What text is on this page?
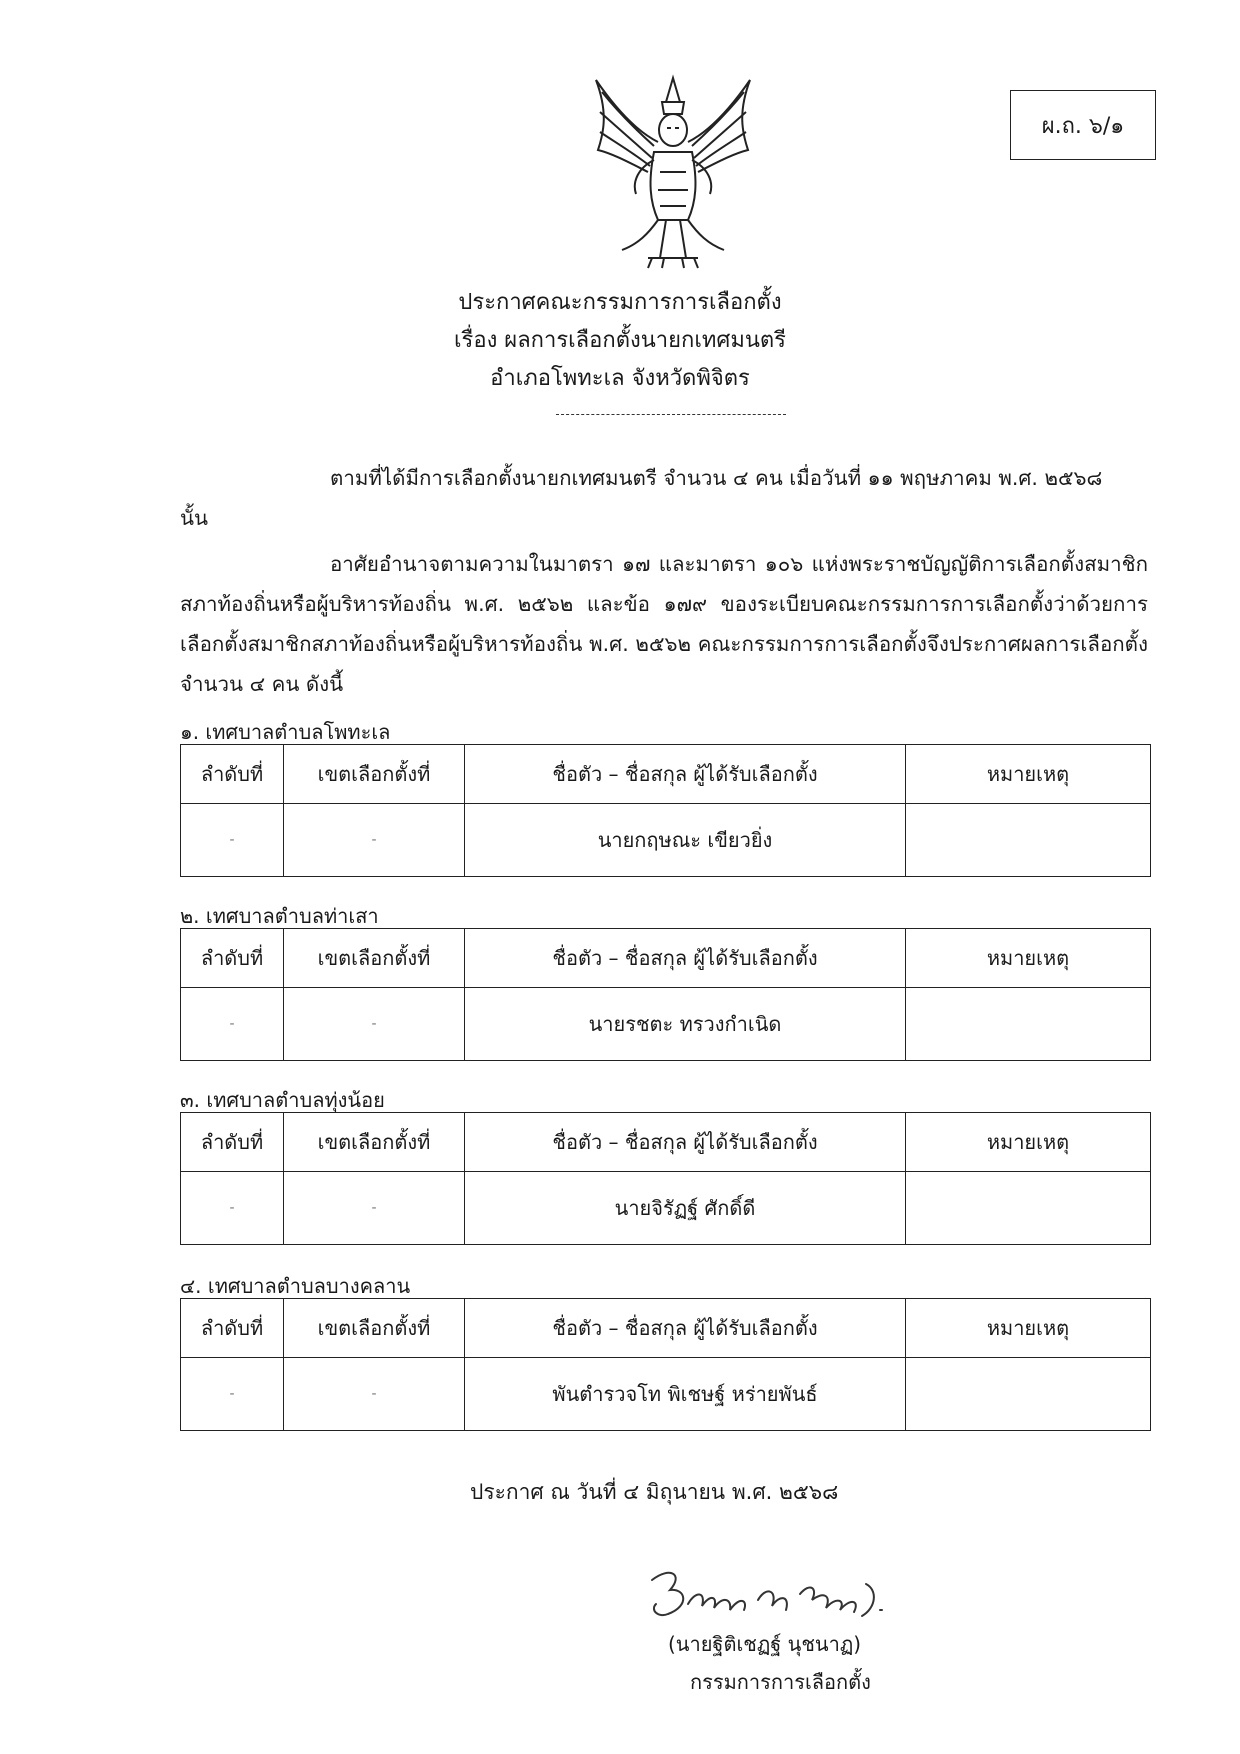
ผ.ถ. ๖/๑
ประกาศคณะกรรมการการเลือกตั้ง
เรื่อง ผลการเลือกตั้งนายกเทศมนตรี
อำเภอโพทะเล จังหวัดพิจิตร

ตามที่ได้มีการเลือกตั้งนายกเทศมนตรี จำนวน ๔ คน เมื่อวันที่ ๑๑ พฤษภาคม พ.ศ. ๒๕๖๘

นั้น

อาศัยอำนาจตามความในมาตรา ๑๗ และมาตรา ๑๐๖ แห่งพระราชบัญญัติการเลือกตั้งสมาชิกสภาท้องถิ่นหรือผู้บริหารท้องถิ่น พ.ศ. ๒๕๖๒ และข้อ ๑๗๙ ของระเบียบคณะกรรมการการเลือกตั้งว่าด้วยการเลือกตั้งสมาชิกสภาท้องถิ่นหรือผู้บริหารท้องถิ่น พ.ศ. ๒๕๖๒ คณะกรรมการการเลือกตั้งจึงประกาศผลการเลือกตั้ง จำนวน ๔ คน ดังนี้

๑. เทศบาลตำบลโพทะเล
ลำดับที่	เขตเลือกตั้งที่	ชื่อตัว – ชื่อสกุล ผู้ได้รับเลือกตั้ง	หมายเหตุ
-	-	นายกฤษณะ เขียวยิ่ง	
๒. เทศบาลตำบลท่าเสา
ลำดับที่	เขตเลือกตั้งที่	ชื่อตัว – ชื่อสกุล ผู้ได้รับเลือกตั้ง	หมายเหตุ
-	-	นายรชตะ ทรวงกำเนิด	
๓. เทศบาลตำบลทุ่งน้อย
ลำดับที่	เขตเลือกตั้งที่	ชื่อตัว – ชื่อสกุล ผู้ได้รับเลือกตั้ง	หมายเหตุ
-	-	นายจิรัฏฐ์ ศักดิ์ดี	
๔. เทศบาลตำบลบางคลาน
ลำดับที่	เขตเลือกตั้งที่	ชื่อตัว – ชื่อสกุล ผู้ได้รับเลือกตั้ง	หมายเหตุ
-	-	พันตำรวจโท พิเชษฐ์ หร่ายพันธ์	
ประกาศ ณ วันที่ ๔ มิถุนายน พ.ศ. ๒๕๖๘
(นายฐิติเชฏฐ์ นุชนาฏ)
กรรมการการเลือกตั้ง
